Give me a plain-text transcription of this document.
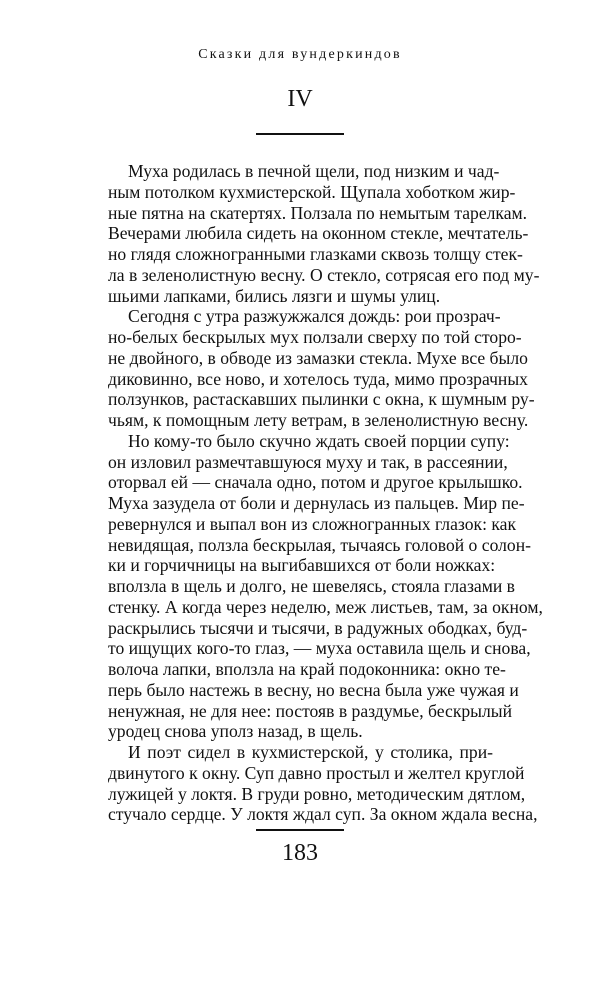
Сказки для вундеркиндов
IV
Муха родилась в печной щели, под низким и чад-
ным потолком кухмистерской. Щупала хоботком жир-
ные пятна на скатертях. Ползала по немытым тарелкам.
Вечерами любила сидеть на оконном стекле, мечтатель-
но глядя сложногранными глазками сквозь толщу стек-
ла в зеленолистную весну. О стекло, сотрясая его под му-
шьими лапками, бились лязги и шумы улиц.
Сегодня с утра разжужжался дождь: рои прозрач-
но-белых бескрылых мух ползали сверху по той сторо-
не двойного, в обводе из замазки стекла. Мухе все было
диковинно, все ново, и хотелось туда, мимо прозрачных
ползунков, растаскавших пылинки с окна, к шумным ру-
чьям, к помощным лету ветрам, в зеленолистную весну.
Но кому-то было скучно ждать своей порции супу:
он изловил размечтавшуюся муху и так, в рассеянии,
оторвал ей — сначала одно, потом и другое крылышко.
Муха зазудела от боли и дернулась из пальцев. Мир пе-
ревернулся и выпал вон из сложногранных глазок: как
невидящая, ползла бескрылая, тычаясь головой о солон-
ки и горчичницы на выгибавшихся от боли ножках:
вползла в щель и долго, не шевелясь, стояла глазами в
стенку. А когда через неделю, меж листьев, там, за окном,
раскрылись тысячи и тысячи, в радужных ободках, буд-
то ищущих кого-то глаз, — муха оставила щель и снова,
волоча лапки, вползла на край подоконника: окно те-
перь было настежь в весну, но весна была уже чужая и
ненужная, не для нее: постояв в раздумье, бескрылый
уродец снова уполз назад, в щель.
И поэт сидел в кухмистерской, у столика, при-
двинутого к окну. Суп давно простыл и желтел круглой
лужицей у локтя. В груди ровно, методическим дятлом,
стучало сердце. У локтя ждал суп. За окном ждала весна,
183
